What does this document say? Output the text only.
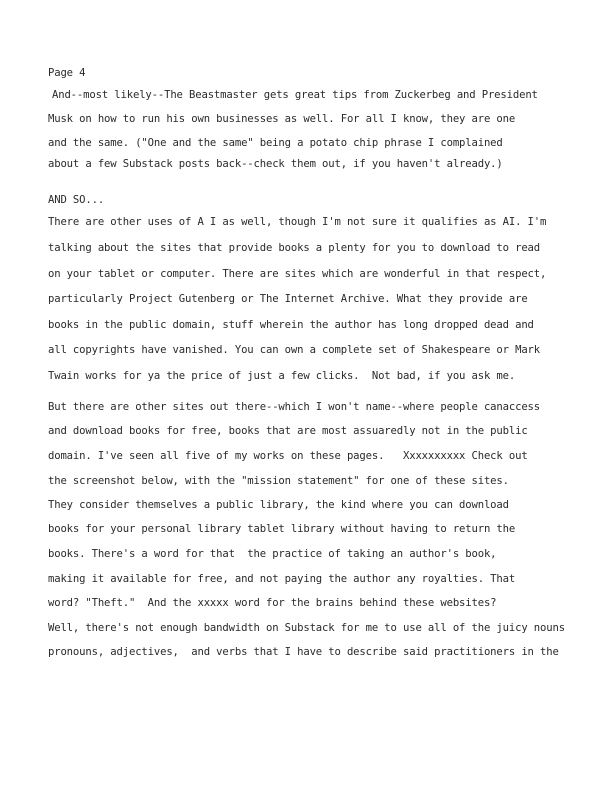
Page 4
And--most likely--The Beastmaster gets great tips from Zuckerbeg and President
Musk on how to run his own businesses as well. For all I know, they are one
and the same. ("One and the same" being a potato chip phrase I complained
about a few Substack posts back--check them out, if you haven't already.)
AND SO...
There are other uses of A I as well, though I'm not sure it qualifies as AI. I'm
talking about the sites that provide books a plenty for you to download to read
on your tablet or computer. There are sites which are wonderful in that respect,
particularly Project Gutenberg or The Internet Archive. What they provide are
books in the public domain, stuff wherein the author has long dropped dead and
all copyrights have vanished. You can own a complete set of Shakespeare or Mark
Twain works for ya the price of just a few clicks.  Not bad, if you ask me.
But there are other sites out there--which I won't name--where people canaccess
and download books for free, books that are most assuaredly not in the public
domain. I've seen all five of my works on these pages.   Xxxxxxxxxx Check out
the screenshot below, with the "mission statement" for one of these sites.
They consider themselves a public library, the kind where you can download
books for your personal library tablet library without having to return the
books. There's a word for that  the practice of taking an author's book,
making it available for free, and not paying the author any royalties. That
word? "Theft."  And the xxxxx word for the brains behind these websites?
Well, there's not enough bandwidth on Substack for me to use all of the juicy nouns
pronouns, adjectives,  and verbs that I have to describe said practitioners in the
